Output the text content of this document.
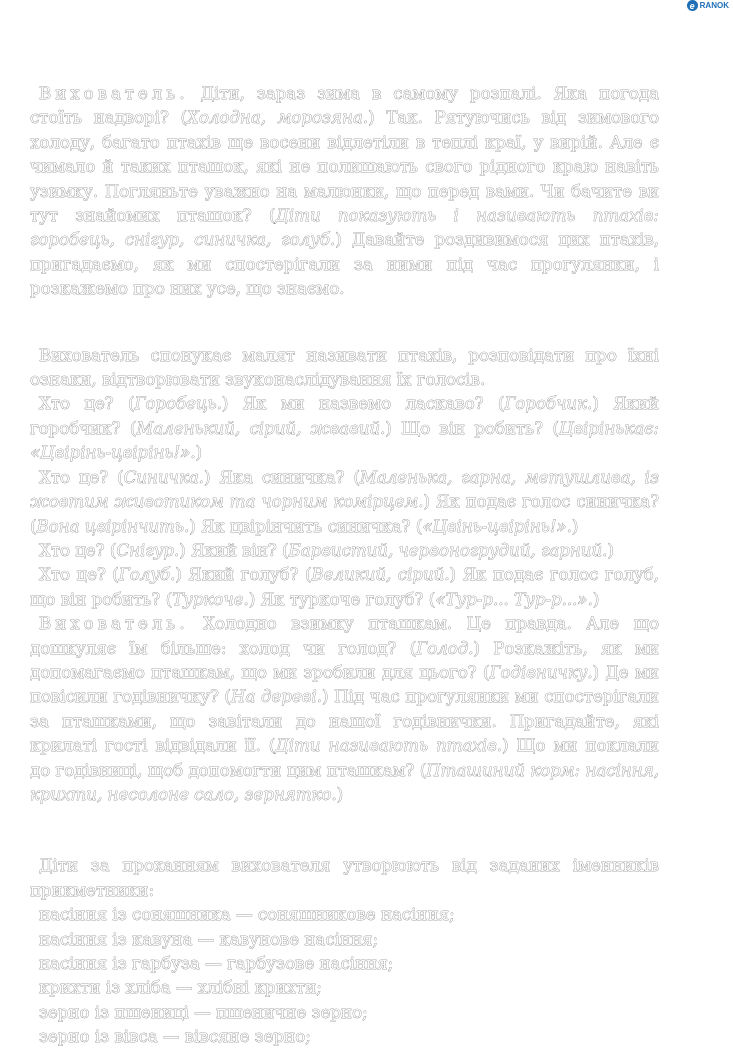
e RANOK

Вихователь. Діти, зараз зима в самому розпалі. Яка погода стоїть надворі? (Холодна, морозяна.) Так. Рятуючись від зимового холоду, багато птахів ще восени відлетіли в теплі краї, у вирій. Але є чимало й таких пташок, які не полишають свого рідного краю навіть узимку. Погляньте уважно на малюнки, що перед вами. Чи бачите ви тут знайомих пташок? (Діти показують і називають птахів: горобець, снігур, синичка, голуб.) Давайте роздивимося цих птахів, пригадаємо, як ми спостерігали за ними під час прогулянки, і розкажемо про них усе, що знаємо.

Вихователь спонукає малят називати птахів, розповідати про їхні ознаки, відтворювати звуконаслідування їх голосів.

Хто це? (Горобець.) Як ми назвемо ласкаво? (Горобчик.) Який горобчик? (Маленький, сірий, жвавий.) Що він робить? (Цвірінькає: «Цвірінь-цвірінь!».)

Хто це? (Синичка.) Яка синичка? (Маленька, гарна, метушлива, із жовтим животиком та чорним комірцем.) Як подає голос синичка? (Вона цвірінчить.) Як цвірінчить синичка? («Цвінь-цвірінь!».)

Хто це? (Снігур.) Який він? (Барвистий, червоногрудий, гарний.)

Хто це? (Голуб.) Який голуб? (Великий, сірий.) Як подає голос голуб, що він робить? (Туркоче.) Як туркоче голуб? («Тур-р... Тур-р...».)

Вихователь. Холодно взимку пташкам. Це правда. Але що дошкуляє їм більше: холод чи голод? (Голод.) Розкажіть, як ми допомагаємо пташкам, що ми зробили для цього? (Годівничку.) Де ми повісили годівничку? (На дереві.) Під час прогулянки ми спостерігали за пташками, що завітали до нашої годівнички. Пригадайте, які крилаті гості відвідали її. (Діти називають птахів.) Що ми поклали до годівниці, щоб допомогти цим пташкам? (Пташиний корм: насіння, крихти, несолоне сало, зернятко.)

Діти за проханням вихователя утворюють від заданих іменників прикметники:

насіння із соняшника — соняшникове насіння;

насіння із кавуна — кавунове насіння;

насіння із гарбуза — гарбузове насіння;

крихти із хліба — хлібні крихти;

зерно із пшениці — пшеничне зерно;

зерно із вівса — вівсяне зерно;
